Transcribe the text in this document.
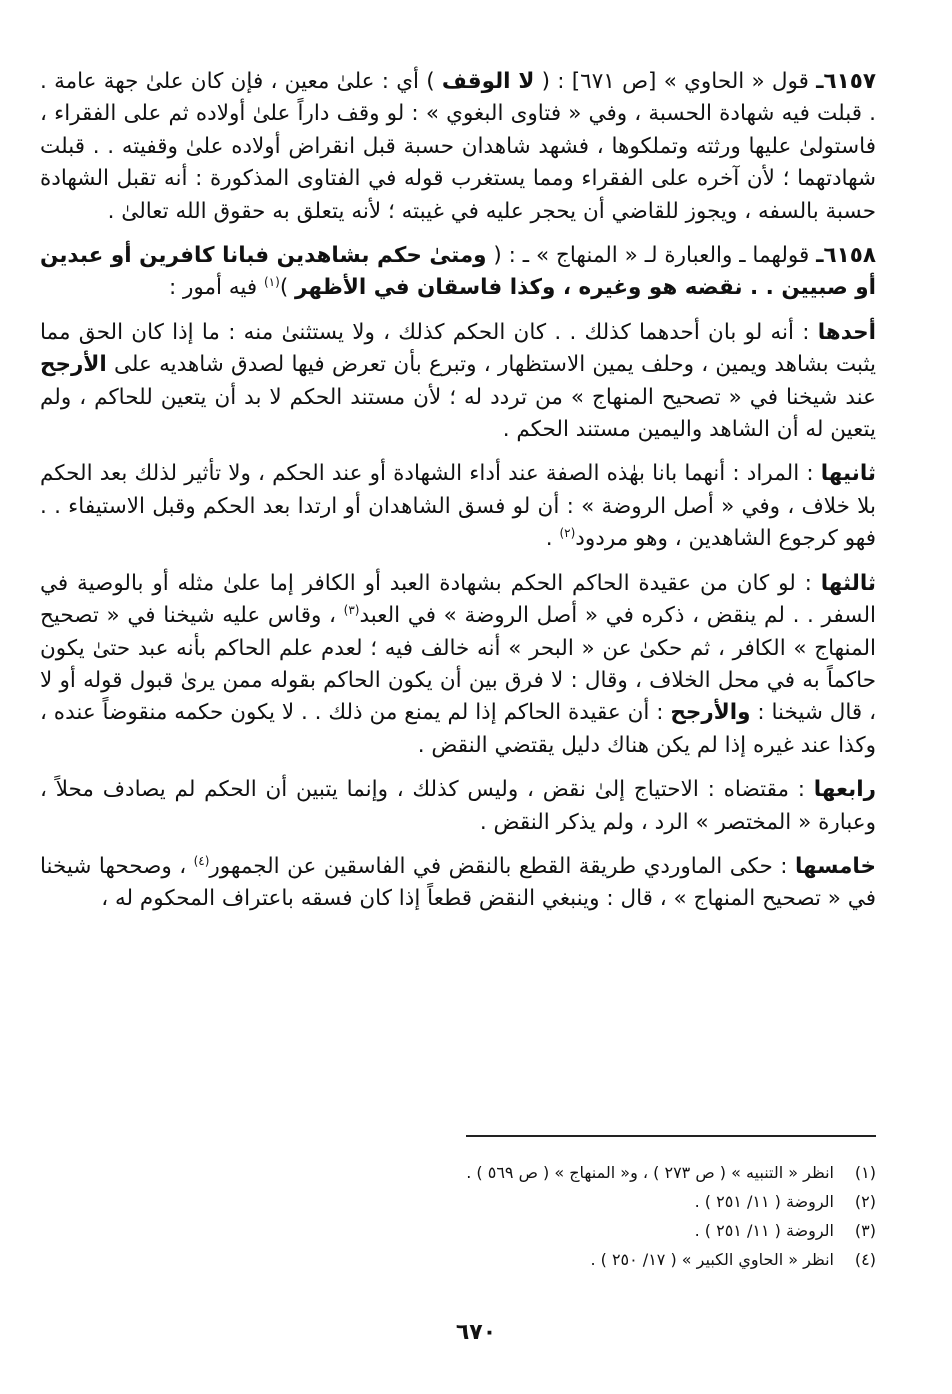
٦١٥٧ـ قول « الحاوي » [ص ٦٧١] : ( لا الوقف ) أي : علىٰ معين ، فإن كان علىٰ جهة عامة . . قبلت فيه شهادة الحسبة ، وفي « فتاوى البغوي » : لو وقف داراً علىٰ أولاده ثم على الفقراء ، فاستولىٰ عليها ورثته وتملكوها ، فشهد شاهدان حسبة قبل انقراض أولاده علىٰ وقفيته . . قبلت شهادتهما ؛ لأن آخره على الفقراء ومما يستغرب قوله في الفتاوى المذكورة : أنه تقبل الشهادة حسبة بالسفه ، ويجوز للقاضي أن يحجر عليه في غيبته ؛ لأنه يتعلق به حقوق الله تعالىٰ .

٦١٥٨ـ قولهما ـ والعبارة لـ « المنهاج » ـ : ( ومتىٰ حكم بشاهدين فبانا كافرين أو عبدين أو صبيين . . نقضه هو وغيره ، وكذا فاسقان في الأظهر )$^{(١)}$ فيه أمور :

أحدها : أنه لو بان أحدهما كذلك . . كان الحكم كذلك ، ولا يستثنىٰ منه : ما إذا كان الحق مما يثبت بشاهد ويمين ، وحلف يمين الاستظهار ، وتبرع بأن تعرض فيها لصدق شاهديه على الأرجح عند شيخنا في « تصحيح المنهاج » من تردد له ؛ لأن مستند الحكم لا بد أن يتعين للحاكم ، ولم يتعين له أن الشاهد واليمين مستند الحكم .

ثانيها : المراد : أنهما بانا بهٰذه الصفة عند أداء الشهادة أو عند الحكم ، ولا تأثير لذلك بعد الحكم بلا خلاف ، وفي « أصل الروضة » : أن لو فسق الشاهدان أو ارتدا بعد الحكم وقبل الاستيفاء . . فهو كرجوع الشاهدين ، وهو مردود$^{(٢)}$ .

ثالثها : لو كان من عقيدة الحاكم الحكم بشهادة العبد أو الكافر إما علىٰ مثله أو بالوصية في السفر . . لم ينقض ، ذكره في « أصل الروضة » في العبد$^{(٣)}$ ، وقاس عليه شيخنا في « تصحيح المنهاج » الكافر ، ثم حكىٰ عن « البحر » أنه خالف فيه ؛ لعدم علم الحاكم بأنه عبد حتىٰ يكون حاكماً به في محل الخلاف ، وقال : لا فرق بين أن يكون الحاكم بقوله ممن يرىٰ قبول قوله أو لا ، قال شيخنا : والأرجح : أن عقيدة الحاكم إذا لم يمنع من ذلك . . لا يكون حكمه منقوضاً عنده ، وكذا عند غيره إذا لم يكن هناك دليل يقتضي النقض .

رابعها : مقتضاه : الاحتياج إلىٰ نقض ، وليس كذلك ، وإنما يتبين أن الحكم لم يصادف محلاً ، وعبارة « المختصر » الرد ، ولم يذكر النقض .

خامسها : حكى الماوردي طريقة القطع بالنقض في الفاسقين عن الجمهور$^{(٤)}$ ، وصححها شيخنا في « تصحيح المنهاج » ، قال : وينبغي النقض قطعاً إذا كان فسقه باعتراف المحكوم له ،

(١)
انظر « التنبيه » ( ص ٢٧٣ ) ، و« المنهاج » ( ص ٥٦٩ ) .
(٢)
الروضة ( ١١/ ٢٥١ ) .
(٣)
الروضة ( ١١/ ٢٥١ ) .
(٤)
انظر « الحاوي الكبير » ( ١٧/ ٢٥٠ ) .
٦٧٠
